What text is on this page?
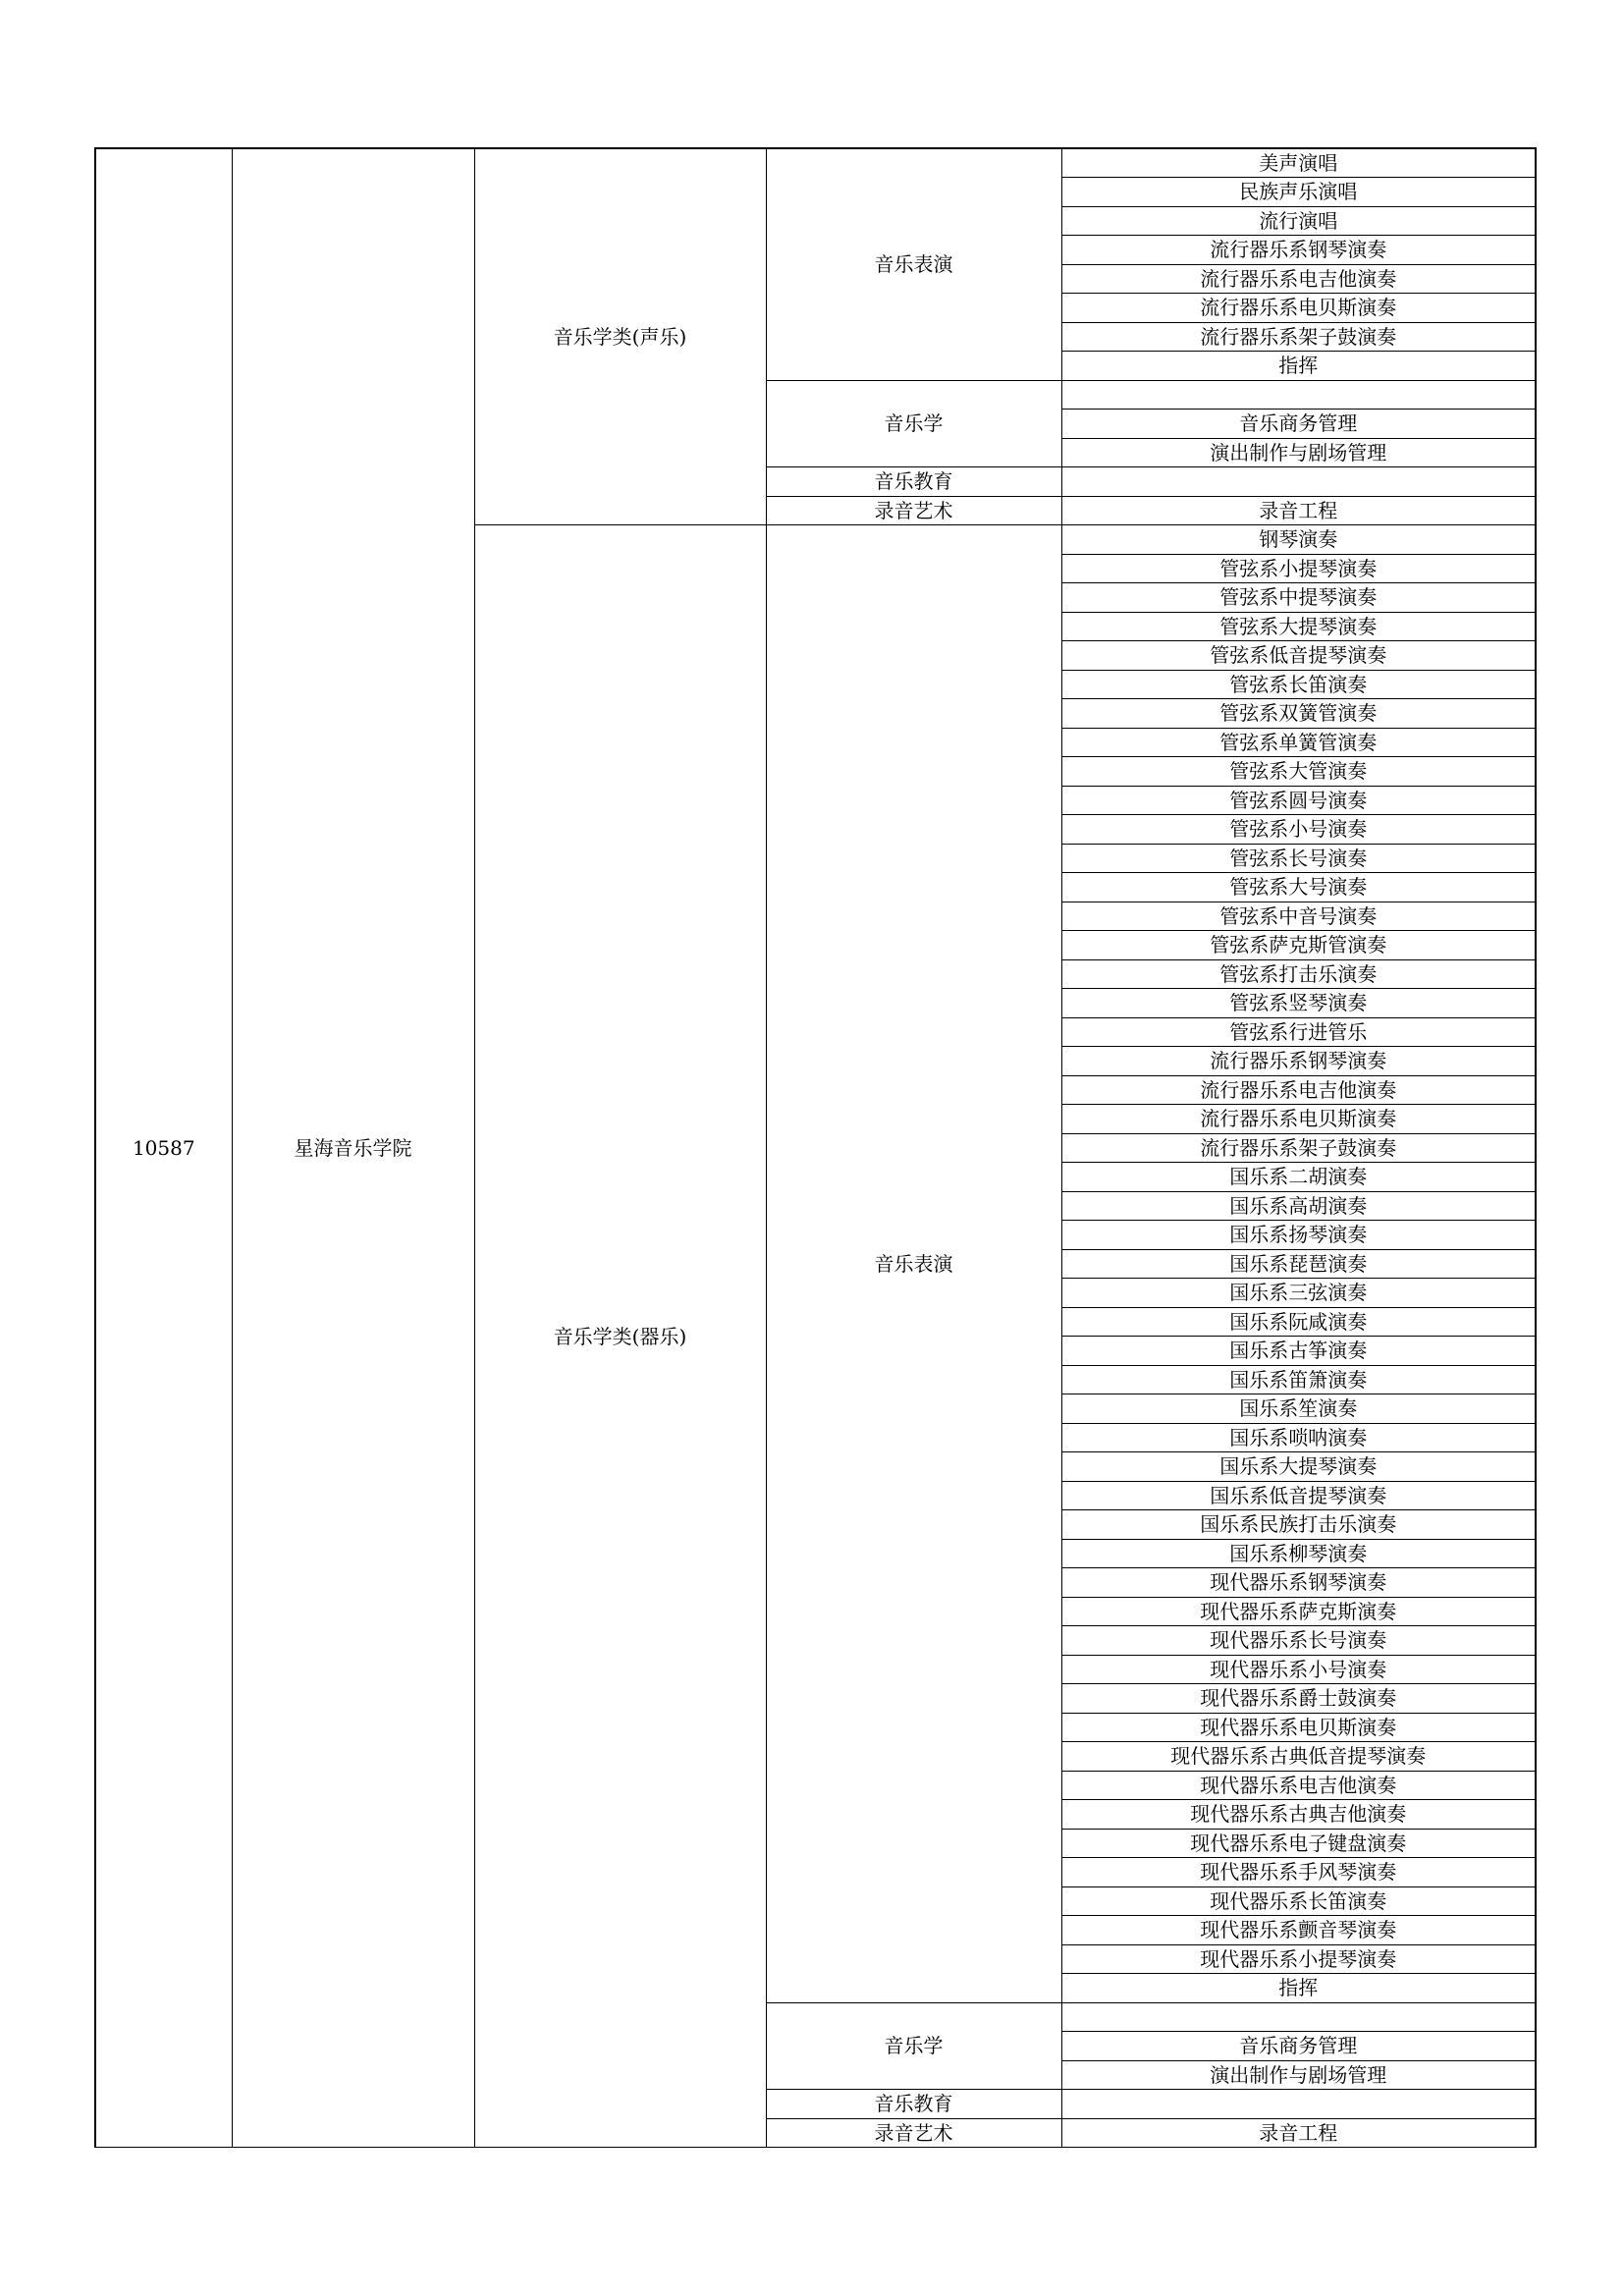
10587	星海音乐学院	音乐学类(声乐)	音乐表演	美声演唱
				民族声乐演唱
				流行演唱
				流行器乐系钢琴演奏
				流行器乐系电吉他演奏
				流行器乐系电贝斯演奏
				流行器乐系架子鼓演奏
				指挥
			音乐学	
				音乐商务管理
				演出制作与剧场管理
			音乐教育	
			录音艺术	录音工程
		音乐学类(器乐)	音乐表演	钢琴演奏
				管弦系小提琴演奏
				管弦系中提琴演奏
				管弦系大提琴演奏
				管弦系低音提琴演奏
				管弦系长笛演奏
				管弦系双簧管演奏
				管弦系单簧管演奏
				管弦系大管演奏
				管弦系圆号演奏
				管弦系小号演奏
				管弦系长号演奏
				管弦系大号演奏
				管弦系中音号演奏
				管弦系萨克斯管演奏
				管弦系打击乐演奏
				管弦系竖琴演奏
				管弦系行进管乐
				流行器乐系钢琴演奏
				流行器乐系电吉他演奏
				流行器乐系电贝斯演奏
				流行器乐系架子鼓演奏
				国乐系二胡演奏
				国乐系高胡演奏
				国乐系扬琴演奏
				国乐系琵琶演奏
				国乐系三弦演奏
				国乐系阮咸演奏
				国乐系古筝演奏
				国乐系笛箫演奏
				国乐系笙演奏
				国乐系唢呐演奏
				国乐系大提琴演奏
				国乐系低音提琴演奏
				国乐系民族打击乐演奏
				国乐系柳琴演奏
				现代器乐系钢琴演奏
				现代器乐系萨克斯演奏
				现代器乐系长号演奏
				现代器乐系小号演奏
				现代器乐系爵士鼓演奏
				现代器乐系电贝斯演奏
				现代器乐系古典低音提琴演奏
				现代器乐系电吉他演奏
				现代器乐系古典吉他演奏
				现代器乐系电子键盘演奏
				现代器乐系手风琴演奏
				现代器乐系长笛演奏
				现代器乐系颤音琴演奏
				现代器乐系小提琴演奏
				指挥
			音乐学	
				音乐商务管理
				演出制作与剧场管理
			音乐教育	
			录音艺术	录音工程
